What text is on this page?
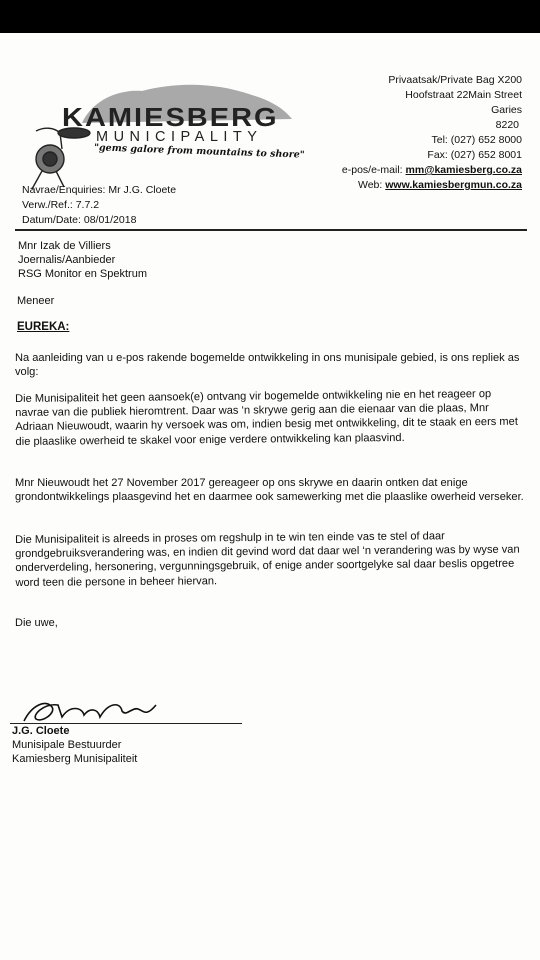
KAMIESBERG
MUNICIPALITY
"gems galore from mountains to shore"
Privaatsak/Private Bag X200
Hoofstraat 22Main Street
Garies
8220
Tel: (027) 652 8000
Fax: (027) 652 8001
e-pos/e-mail: mm@kamiesberg.co.za
Web: www.kamiesbergmun.co.za
Navrae/Enquiries: Mr J.G. Cloete
Verw./Ref.: 7.7.2
Datum/Date: 08/01/2018
Mnr Izak de Villiers
Joernalis/Aanbieder
RSG Monitor en Spektrum
Meneer
EUREKA:
Na aanleiding van u e-pos rakende bogemelde ontwikkeling in ons munisipale gebied, is ons repliek as volg:
Die Munisipaliteit het geen aansoek(e) ontvang vir bogemelde ontwikkeling nie en het reageer op navrae van die publiek hieromtrent. Daar was ‘n skrywe gerig aan die eienaar van die plaas, Mnr Adriaan Nieuwoudt, waarin hy versoek was om, indien besig met ontwikkeling, dit te staak en eers met die plaaslike owerheid te skakel voor enige verdere ontwikkeling kan plaasvind.
Mnr Nieuwoudt het 27 November 2017 gereageer op ons skrywe en daarin ontken dat enige grondontwikkelings plaasgevind het en daarmee ook samewerking met die plaaslike owerheid verseker.
Die Munisipaliteit is alreeds in proses om regshulp in te win ten einde vas te stel of daar grondgebruiksverandering was, en indien dit gevind word dat daar wel ‘n verandering was by wyse van onderverdeling, hersonering, vergunningsgebruik, of enige ander soortgelyke sal daar beslis opgetree word teen die persone in beheer hiervan.
Die uwe,
J.G. Cloete
Munisipale Bestuurder
Kamiesberg Munisipaliteit
